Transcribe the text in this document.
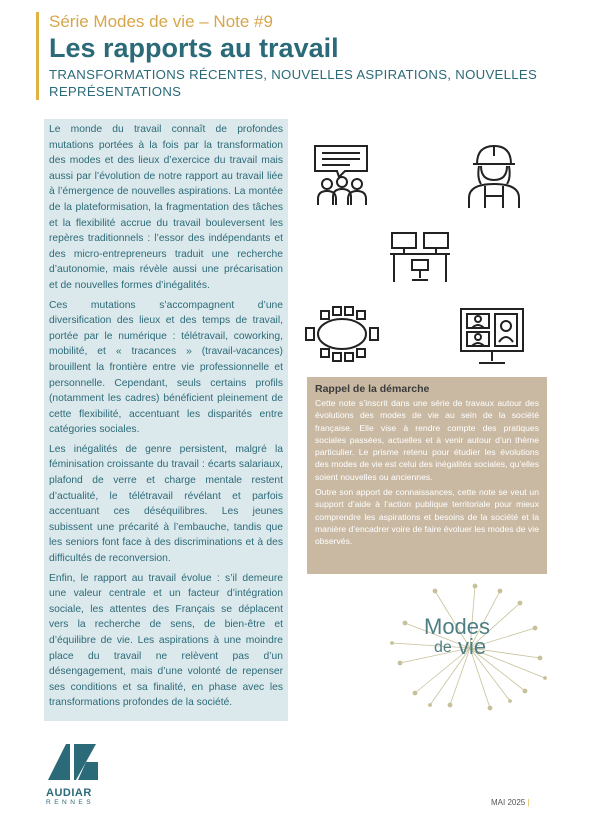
Série Modes de vie – Note #9
Les rapports au travail
TRANSFORMATIONS RÉCENTES, NOUVELLES ASPIRATIONS, NOUVELLES REPRÉSENTATIONS

Le monde du travail connaît de profondes mutations portées à la fois par la transformation des modes et des lieux d’exercice du travail mais aussi par l’évolution de notre rapport au travail liée à l’émergence de nouvelles aspirations. La montée de la plateformisation, la fragmentation des tâches et la flexibilité accrue du travail bouleversent les repères traditionnels : l’essor des indépendants et des micro-entrepreneurs traduit une recherche d’autonomie, mais révèle aussi une précarisation et de nouvelles formes d’inégalités.

Ces mutations s’accompagnent d’une diversification des lieux et des temps de travail, portée par le numérique : télétravail, coworking, mobilité, et « tracances » (travail-vacances) brouillent la frontière entre vie professionnelle et personnelle. Cependant, seuls certains profils (notamment les cadres) bénéficient pleinement de cette flexibilité, accentuant les disparités entre catégories sociales.

Les inégalités de genre persistent, malgré la féminisation croissante du travail : écarts salariaux, plafond de verre et charge mentale restent d’actualité, le télétravail révélant et parfois accentuant ces déséquilibres. Les jeunes subissent une précarité à l’embauche, tandis que les seniors font face à des discriminations et à des difficultés de reconversion.

Enfin, le rapport au travail évolue : s’il demeure une valeur centrale et un facteur d’intégration sociale, les attentes des Français se déplacent vers la recherche de sens, de bien-être et d’équilibre de vie. Les aspirations à une moindre place du travail ne relèvent pas d’un désengagement, mais d’une volonté de repenser ses conditions et sa finalité, en phase avec les transformations profondes de la société.

Rappel de la démarche

Cette note s’inscrit dans une série de travaux autour des évolutions des modes de vie au sein de la société française. Elle vise à rendre compte des pratiques sociales passées, actuelles et à venir autour d’un thème particulier. Le prisme retenu pour étudier les évolutions des modes de vie est celui des inégalités sociales, qu’elles soient nouvelles ou anciennes.

Outre son apport de connaissances, cette note se veut un support d’aide à l’action publique territoriale pour mieux comprendre les aspirations et besoins de la société et la manière d’encadrer voire de faire évoluer les modes de vie observés.

Modes
de vie
AUDIAR
RENNES	MAI 2025 |
